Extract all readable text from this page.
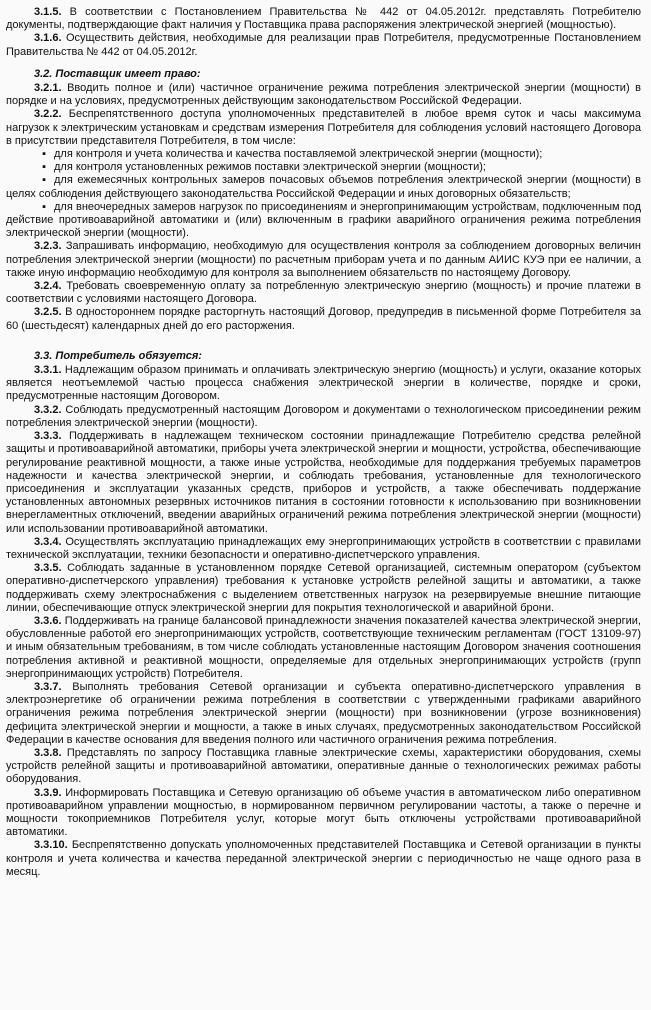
3.1.5. В соответствии с Постановлением Правительства № 442 от 04.05.2012г. представлять Потребителю документы, подтверждающие факт наличия у Поставщика права распоряжения электрической энергией (мощностью).

3.1.6. Осуществить действия, необходимые для реализации прав Потребителя, предусмотренные Постановлением Правительства № 442 от 04.05.2012г.

3.2. Поставщик имеет право:

3.2.1. Вводить полное и (или) частичное ограничение режима потребления электрической энергии (мощности) в порядке и на условиях, предусмотренных действующим законодательством Российской Федерации.

3.2.2. Беспрепятственного доступа уполномоченных представителей в любое время суток и часы максимума нагрузок к электрическим установкам и средствам измерения Потребителя для соблюдения условий настоящего Договора в присутствии представителя Потребителя, в том числе:

▪ для контроля и учета количества и качества поставляемой электрической энергии (мощности);

▪ для контроля установленных режимов поставки электрической энергии (мощности);

▪ для ежемесячных контрольных замеров почасовых объемов потребления электрической энергии (мощности) в целях соблюдения действующего законодательства Российской Федерации и иных договорных обязательств;

▪ для внеочередных замеров нагрузок по присоединениям и энергопринимающим устройствам, подключенным под действие противоаварийной автоматики и (или) включенным в графики аварийного ограничения режима потребления электрической энергии (мощности).

3.2.3. Запрашивать информацию, необходимую для осуществления контроля за соблюдением договорных величин потребления электрической энергии (мощности) по расчетным приборам учета и по данным АИИС КУЭ при ее наличии, а также иную информацию необходимую для контроля за выполнением обязательств по настоящему Договору.

3.2.4. Требовать своевременную оплату за потребленную электрическую энергию (мощность) и прочие платежи в соответствии с условиями настоящего Договора.

3.2.5. В одностороннем порядке расторгнуть настоящий Договор, предупредив в письменной форме Потребителя за 60 (шестьдесят) календарных дней до его расторжения.

3.3. Потребитель обязуется:

3.3.1. Надлежащим образом принимать и оплачивать электрическую энергию (мощность) и услуги, оказание которых является неотъемлемой частью процесса снабжения электрической энергии в количестве, порядке и сроки, предусмотренные настоящим Договором.

3.3.2. Соблюдать предусмотренный настоящим Договором и документами о технологическом присоединении режим потребления электрической энергии (мощности).

3.3.3. Поддерживать в надлежащем техническом состоянии принадлежащие Потребителю средства релейной защиты и противоаварийной автоматики, приборы учета электрической энергии и мощности, устройства, обеспечивающие регулирование реактивной мощности, а также иные устройства, необходимые для поддержания требуемых параметров надежности и качества электрической энергии, и соблюдать требования, установленные для технологического присоединения и эксплуатации указанных средств, приборов и устройств, а также обеспечивать поддержание установленных автономных резервных источников питания в состоянии готовности к использованию при возникновении внерегламентных отключений, введении аварийных ограничений режима потребления электрической энергии (мощности) или использовании противоаварийной автоматики.

3.3.4. Осуществлять эксплуатацию принадлежащих ему энергопринимающих устройств в соответствии с правилами технической эксплуатации, техники безопасности и оперативно-диспетчерского управления.

3.3.5. Соблюдать заданные в установленном порядке Сетевой организацией, системным оператором (субъектом оперативно-диспетчерского управления) требования к установке устройств релейной защиты и автоматики, а также поддерживать схему электроснабжения с выделением ответственных нагрузок на резервируемые внешние питающие линии, обеспечивающие отпуск электрической энергии для покрытия технологической и аварийной брони.

3.3.6. Поддерживать на границе балансовой принадлежности значения показателей качества электрической энергии, обусловленные работой его энергопринимающих устройств, соответствующие техническим регламентам (ГОСТ 13109-97) и иным обязательным требованиям, в том числе соблюдать установленные настоящим Договором значения соотношения потребления активной и реактивной мощности, определяемые для отдельных энергопринимающих устройств (групп энергопринимающих устройств) Потребителя.

3.3.7. Выполнять требования Сетевой организации и субъекта оперативно-диспетчерского управления в электроэнергетике об ограничении режима потребления в соответствии с утвержденными графиками аварийного ограничения режима потребления электрической энергии (мощности) при возникновении (угрозе возникновения) дефицита электрической энергии и мощности, а также в иных случаях, предусмотренных законодательством Российской Федерации в качестве основания для введения полного или частичного ограничения режима потребления.

3.3.8. Представлять по запросу Поставщика главные электрические схемы, характеристики оборудования, схемы устройств релейной защиты и противоаварийной автоматики, оперативные данные о технологических режимах работы оборудования.

3.3.9. Информировать Поставщика и Сетевую организацию об объеме участия в автоматическом либо оперативном противоаварийном управлении мощностью, в нормированном первичном регулировании частоты, а также о перечне и мощности токоприемников Потребителя услуг, которые могут быть отключены устройствами противоаварийной автоматики.

3.3.10. Беспрепятственно допускать уполномоченных представителей Поставщика и Сетевой организации в пункты контроля и учета количества и качества переданной электрической энергии с периодичностью не чаще одного раза в месяц.
